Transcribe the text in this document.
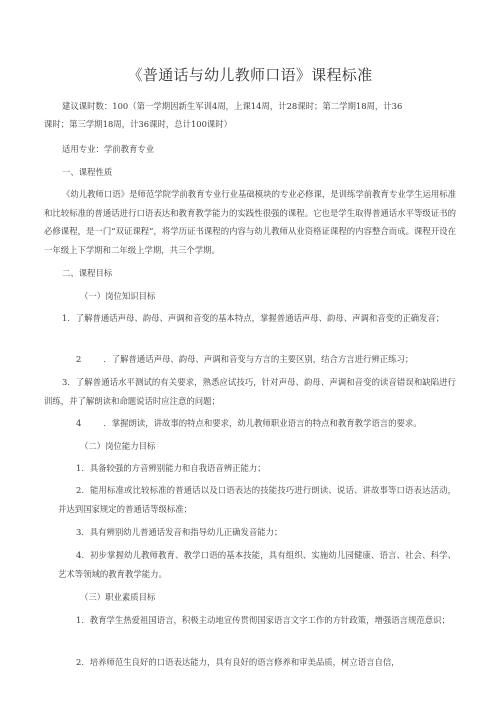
《普通话与幼儿教师口语》课程标准
建议课时数：100（第一学期因新生军训4周，上课14周，计28课时；第二学期18周，计36
课时；第三学期18周，计36课时，总计100课时）
适用专业：学前教育专业
一、课程性质
《幼儿教师口语》是师范学院学前教育专业行业基础模块的专业必修课，是训练学前教育专业学生运用标准和比较标准的普通话进行口语表达和教育教学能力的实践性很强的课程。它也是学生取得普通话水平等级证书的必修课程，是一门“双证课程”，将学历证书课程的内容与幼儿教师从业资格证课程的内容整合而成。课程开设在一年级上下学期和二年级上学期，共三个学期。
二、课程目标
（一）岗位知识目标
1．了解普通话声母、韵母、声调和音变的基本特点，掌握普通话声母、韵母、声调和音变的正确发音；
2	．了解普通话声母、韵母、声调和音变与方言的主要区别，结合方言进行辨正练习；
3．了解普通话水平测试的有关要求，熟悉应试技巧，针对声母、韵母、声调和音变的读音错误和缺陷进行训练，并了解朗读和命题说话时应注意的问题；
4	．掌握朗读，讲故事的特点和要求，幼儿教师职业语言的特点和教育教学语言的要求。
（二）岗位能力目标
1．具备较强的方音辨别能力和自我语音辨正能力；
2．能用标准或比较标准的普通话以及口语表达的技能技巧进行朗读、说话、讲故事等口语表达活动，并达到国家规定的普通话等级标准；
3．具有辨别幼儿普通话发音和指导幼儿正确发音能力；
4．初步掌握幼儿教师教育、教学口语的基本技能，具有组织、实施幼儿园健康、语言、社会、科学、艺术等领域的教育教学能力。
（三）职业素质目标
1．教育学生热爱祖国语言，积极主动地宣传贯彻国家语言文字工作的方针政策，增强语言规范意识；
2．培养师范生良好的口语表达能力，具有良好的语言修养和审美品质，树立语言自信，
